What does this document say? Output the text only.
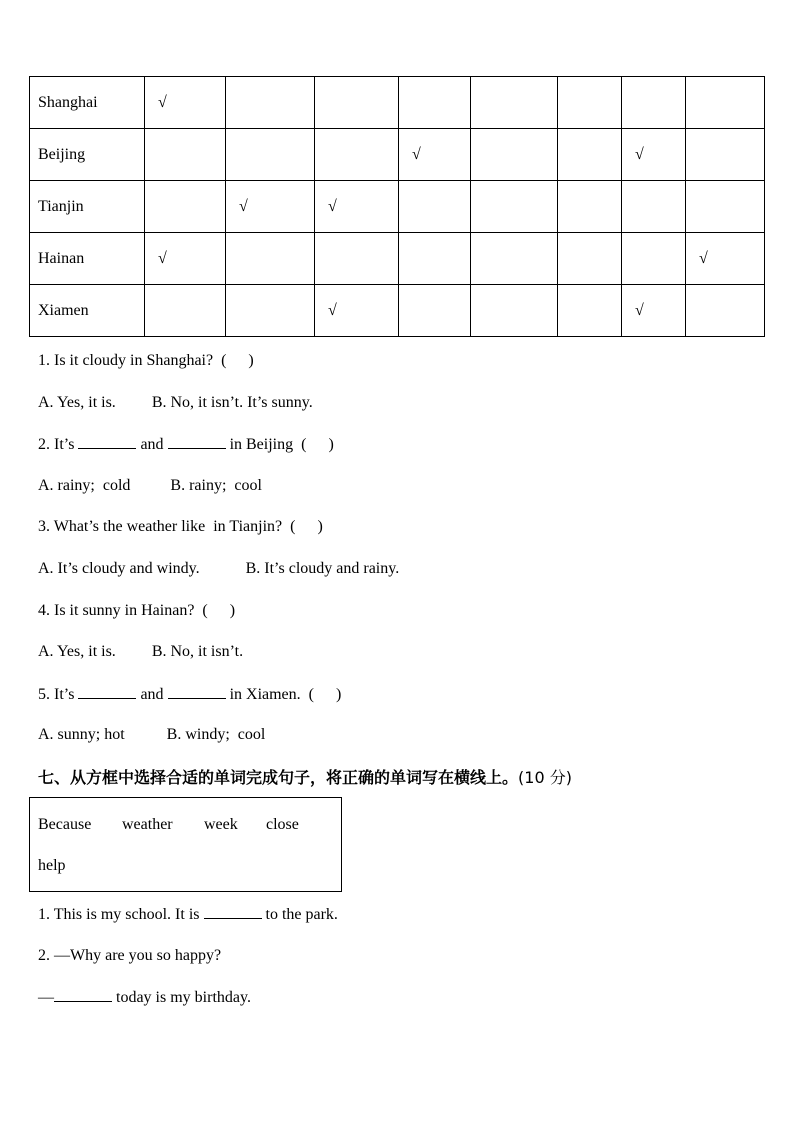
Shanghai	√							
Beijing				√			√	
Tianjin		√	√					
Hainan	√							√
Xiamen			√				√	
1. Is it cloudy in Shanghai?  ( )
A. Yes, it is. B. No, it isn’t. It’s sunny.
2. It’s	and	in Beijing  ( )
A. rainy;  cold	B. rainy;  cool
3. What’s the weather like  in Tianjin?  ( )
A. It’s cloudy and windy.	B. It’s cloudy and rainy.
4. Is it sunny in Hainan?  ( )
A. Yes, it is. B. No, it isn’t.
5. It’s	and	in Xiamen.  ( )
A. sunny; hot	B. windy;  cool
七、从方框中选择合适的单词完成句子，将正确的单词写在横线上。(10 分)
Because weather week close
help
1. This is my school. It is	to the park.
2. —Why are you so happy?
—	today is my birthday.
